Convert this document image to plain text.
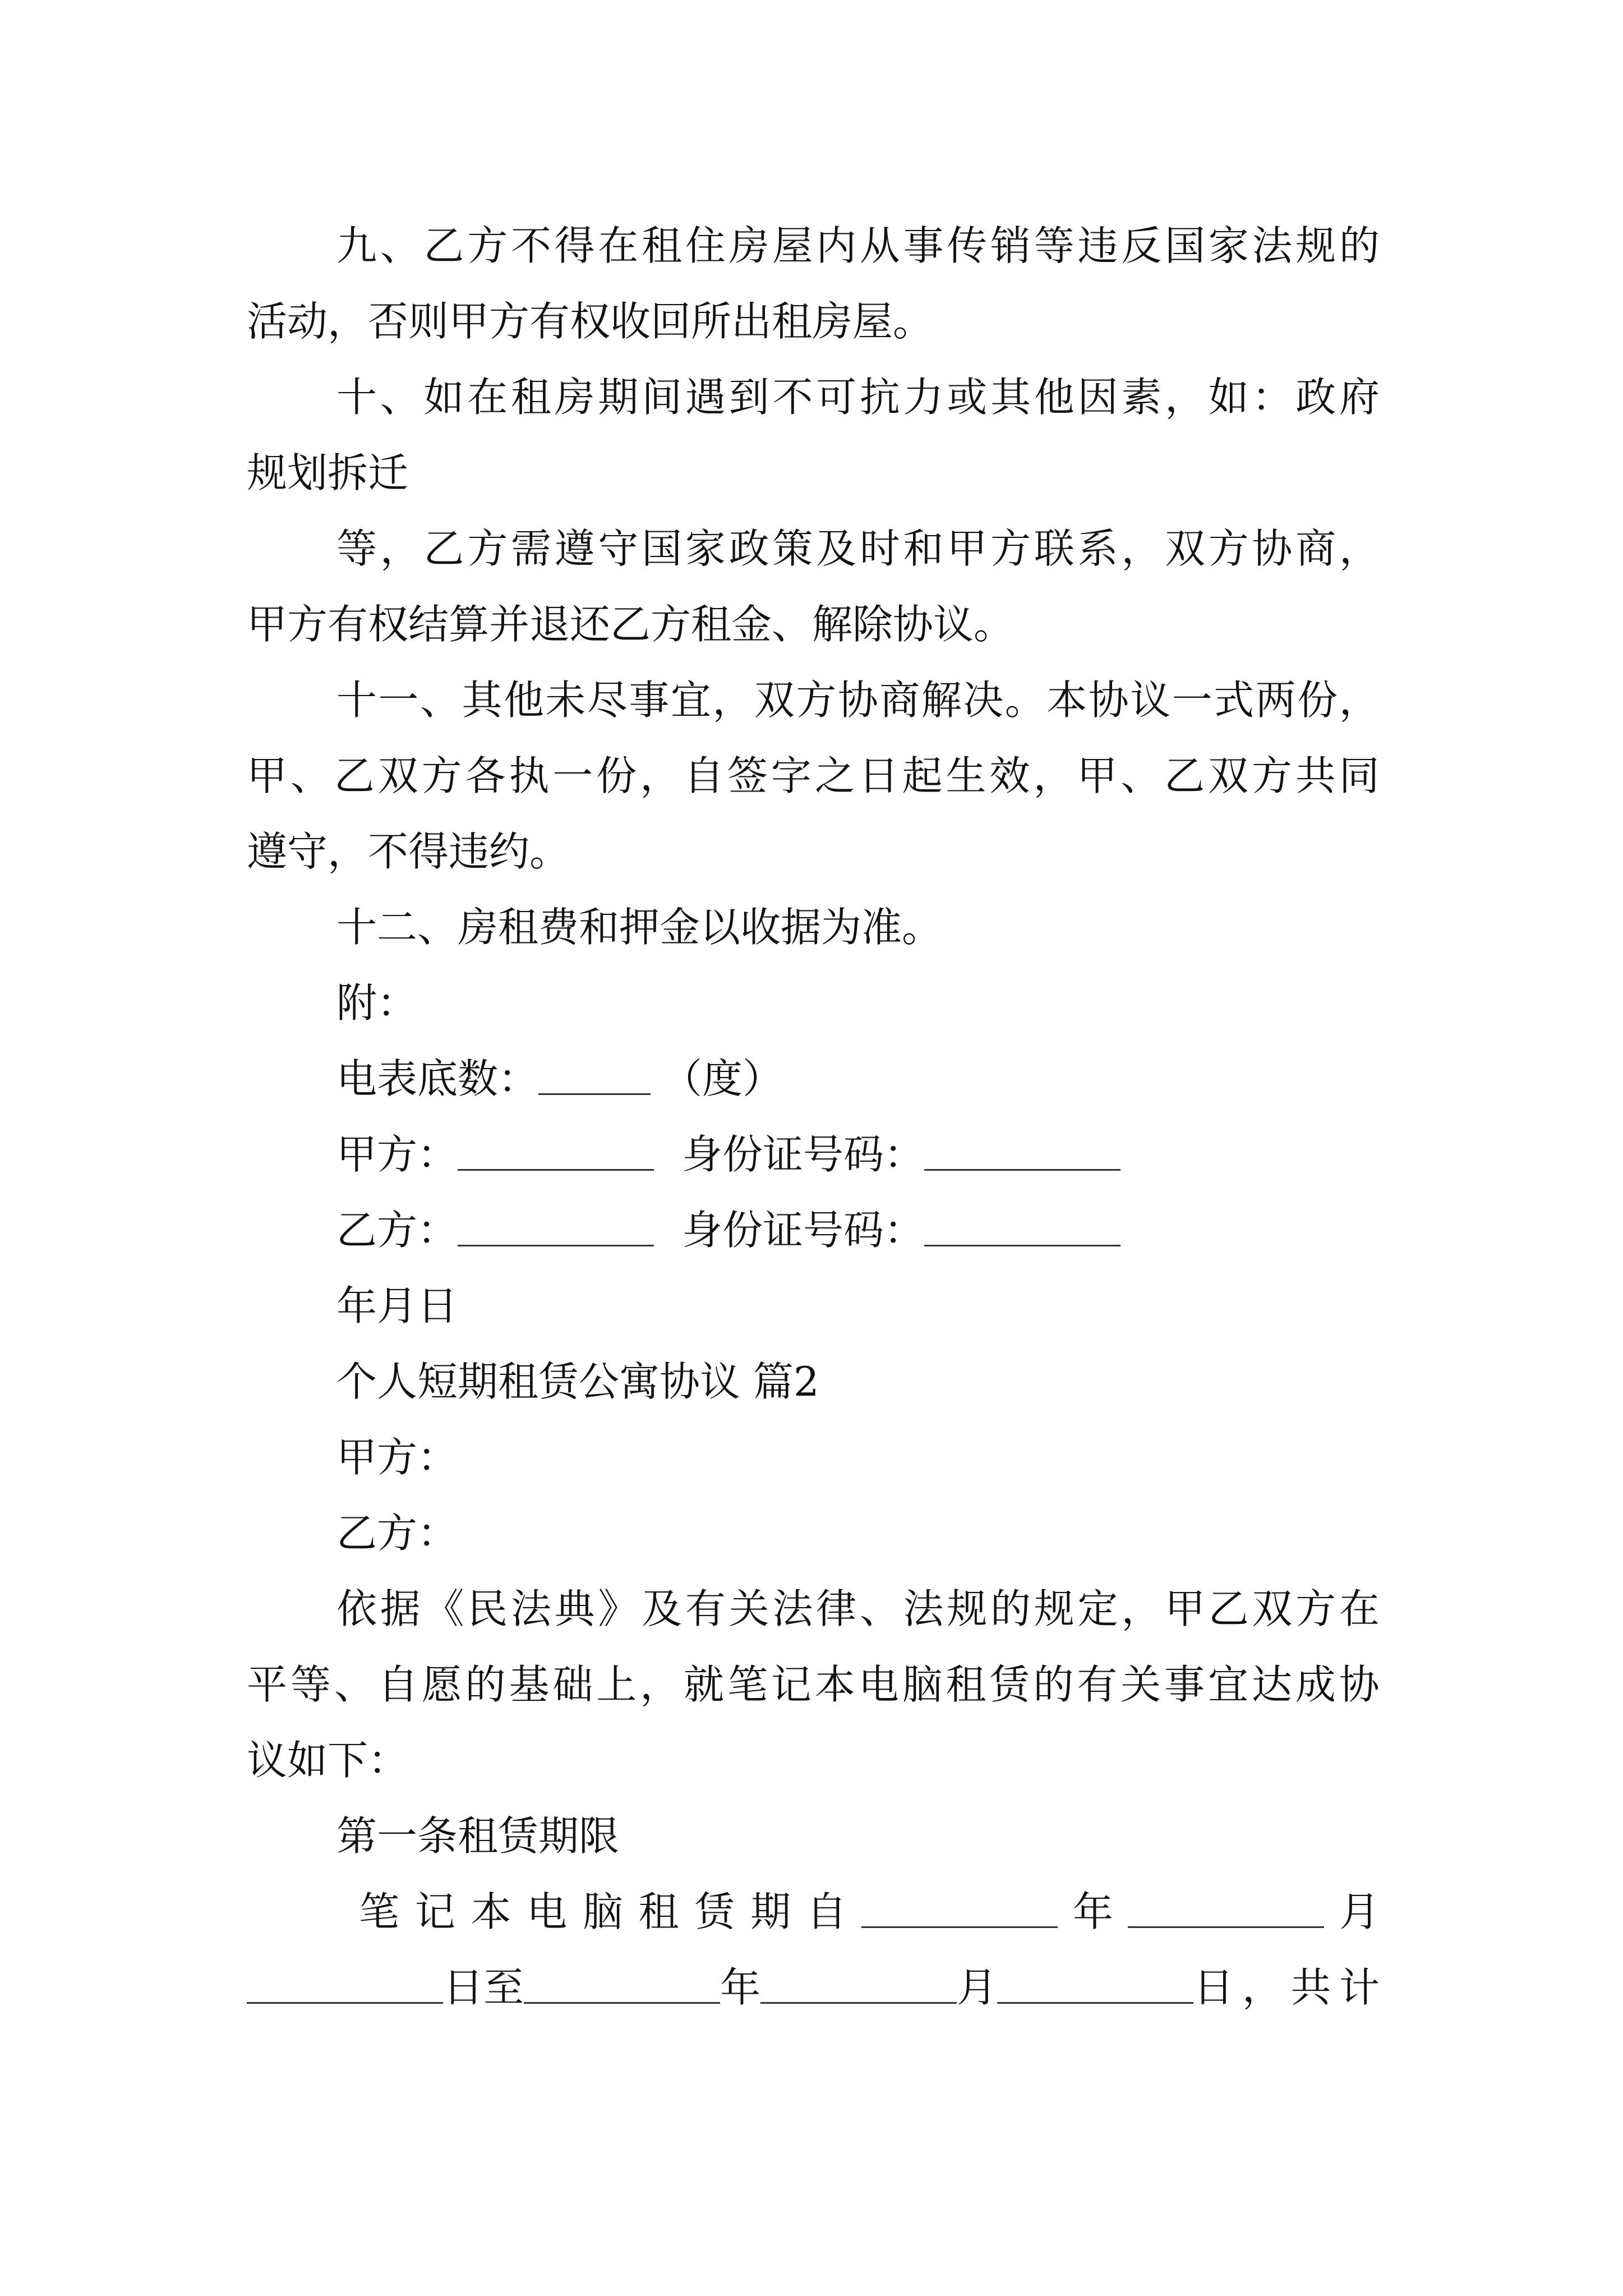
九 、 乙 方 不 得 在 租 住 房 屋 内 从 事 传 销 等 违 反 国 家 法 规 的
活动，否则甲方有权收回所出租房屋。
十 、 如 在 租 房 期 间 遇 到 不 可 抗 力 或 其 他 因 素 ， 如 ： 政 府
规划拆迁
等 ， 乙 方 需 遵 守 国 家 政 策 及 时 和 甲 方 联 系 ， 双 方 协 商 ，
甲方有权结算并退还乙方租金、解除协议。
十 一 、 其 他 未 尽 事 宜 ， 双 方 协 商 解 决 。 本 协 议 一 式 两 份 ，
甲 、 乙 双 方 各 执 一 份 ， 自 签 字 之 日 起 生 效 ， 甲 、 乙 双 方 共 同
遵守，不得违约。
十二、房租费和押金以收据为准。
附：
电表底数：	（度）
甲方：	身份证号码：
乙方：	身份证号码：
年月日
个人短期租赁公寓协议 篇2
甲方：
乙方：
依 据 《 民 法 典 》 及 有 关 法 律 、 法 规 的 规 定 ， 甲 乙 双 方 在
平 等 、 自 愿 的 基 础 上 ， 就 笔 记 本 电 脑 租 赁 的 有 关 事 宜 达 成 协
议如下：
第一条租赁期限
笔 记 本 电 脑 租 赁 期 自	年	月
日至	年	月	日 ， 共 计
